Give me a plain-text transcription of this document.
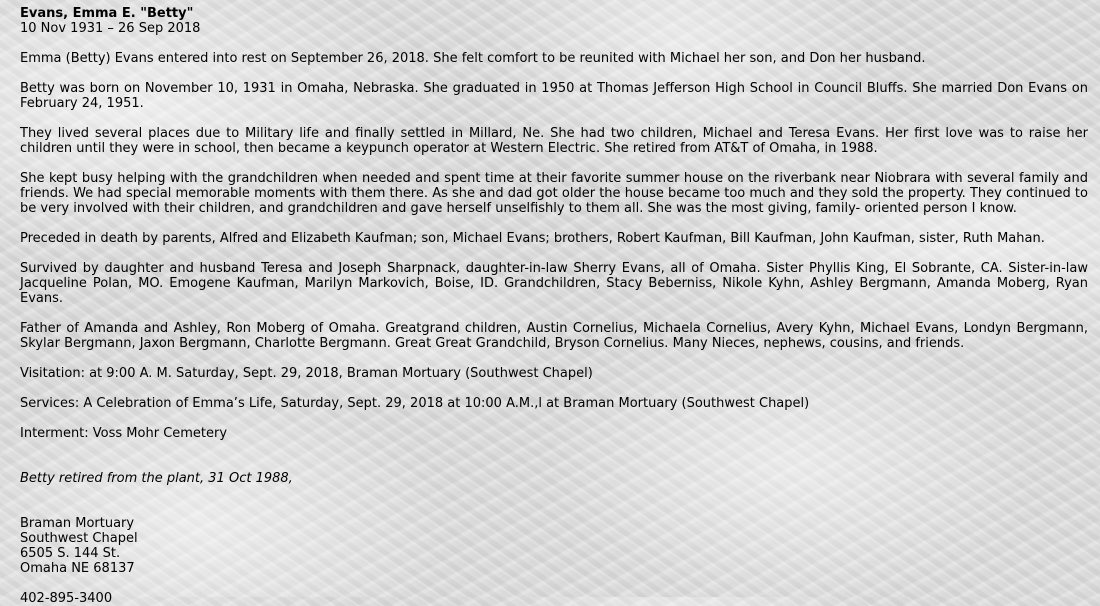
Evans, Emma E. "Betty"
10 Nov 1931 – 26 Sep 2018

Emma (Betty) Evans entered into rest on September 26, 2018. She felt comfort to be reunited with Michael her son, and Don her husband.

Betty was born on November 10, 1931 in Omaha, Nebraska. She graduated in 1950 at Thomas Jefferson High School in Council Bluffs. She married Don Evans on February 24, 1951.

They lived several places due to Military life and finally settled in Millard, Ne. She had two children, Michael and Teresa Evans. Her first love was to raise her children until they were in school, then became a keypunch operator at Western Electric. She retired from AT&T of Omaha, in 1988.

She kept busy helping with the grandchildren when needed and spent time at their favorite summer house on the riverbank near Niobrara with several family and friends. We had special memorable moments with them there. As she and dad got older the house became too much and they sold the property. They continued to be very involved with their children, and grandchildren and gave herself unselfishly to them all. She was the most giving, family- oriented person I know.

Preceded in death by parents, Alfred and Elizabeth Kaufman; son, Michael Evans; brothers, Robert Kaufman, Bill Kaufman, John Kaufman, sister, Ruth Mahan.

Survived by daughter and husband Teresa and Joseph Sharpnack, daughter-in-law Sherry Evans, all of Omaha. Sister Phyllis King, El Sobrante, CA. Sister-in-law Jacqueline Polan, MO. Emogene Kaufman, Marilyn Markovich, Boise, ID. Grandchildren, Stacy Beberniss, Nikole Kyhn, Ashley Bergmann, Amanda Moberg, Ryan Evans.

Father of Amanda and Ashley, Ron Moberg of Omaha. Greatgrand children, Austin Cornelius, Michaela Cornelius, Avery Kyhn, Michael Evans, Londyn Bergmann, Skylar Bergmann, Jaxon Bergmann, Charlotte Bergmann. Great Great Grandchild, Bryson Cornelius. Many Nieces, nephews, cousins, and friends.

Visitation: at 9:00 A. M. Saturday, Sept. 29, 2018, Braman Mortuary (Southwest Chapel)

Services: A Celebration of Emma’s Life, Saturday, Sept. 29, 2018 at 10:00 A.M.,l at Braman Mortuary (Southwest Chapel)

Interment: Voss Mohr Cemetery

Betty retired from the plant, 31 Oct 1988,
Braman Mortuary
Southwest Chapel
6505 S. 144 St.
Omaha NE 68137
402-895-3400
